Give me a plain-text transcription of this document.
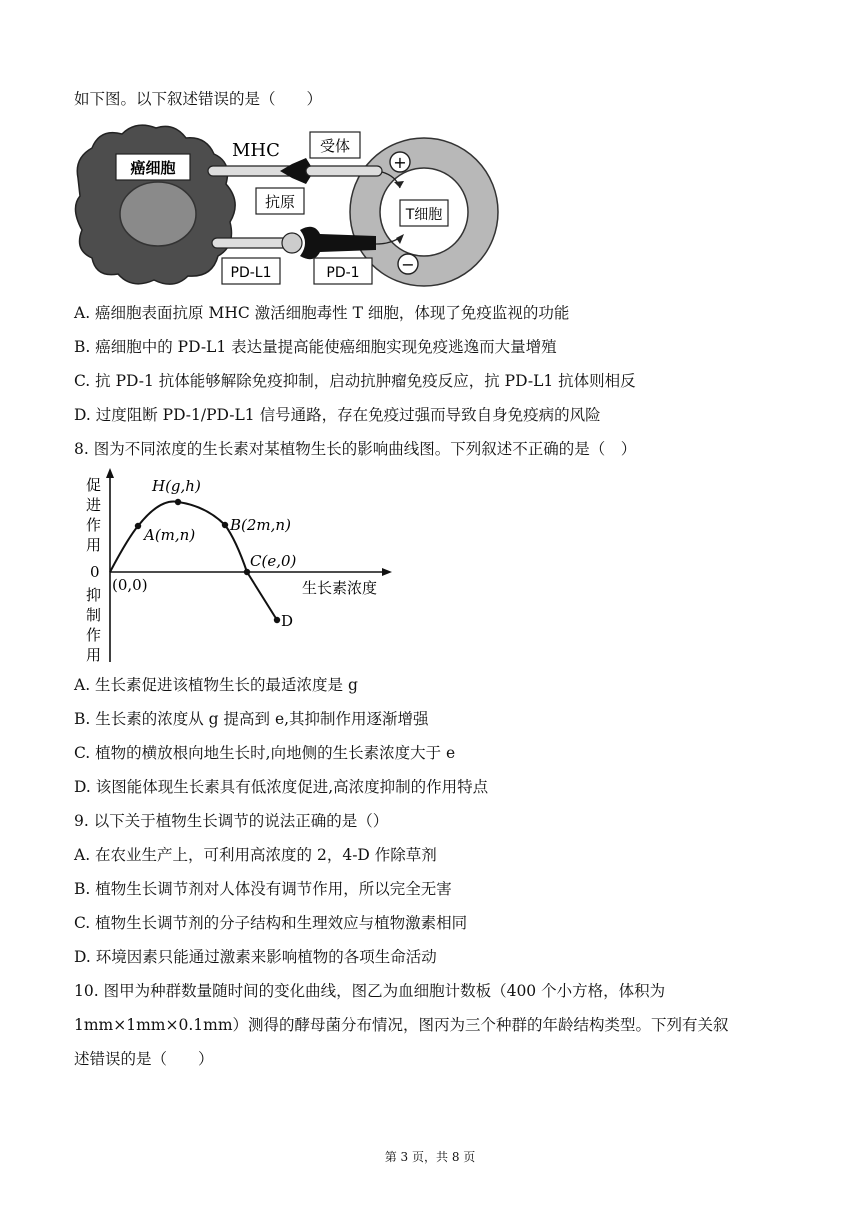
如下图。以下叙述错误的是（　　）
癌细胞
T细胞
MHC
抗原
受体
+
PD-L1	PD-1	−
A. 癌细胞表面抗原 MHC 激活细胞毒性 T 细胞，体现了免疫监视的功能
B. 癌细胞中的 PD-L1 表达量提高能使癌细胞实现免疫逃逸而大量增殖
C. 抗 PD-1 抗体能够解除免疫抑制，启动抗肿瘤免疫反应，抗 PD-L1 抗体则相反
D. 过度阻断 PD-1/PD-L1 信号通路，存在免疫过强而导致自身免疫病的风险
8. 图为不同浓度的生长素对某植物生长的影响曲线图。下列叙述不正确的是（　）
促
进
作
用
抑
制
作
用
0
(0,0)	生长素浓度
H(g,h)
A(m,n)
B(2m,n)
C(e,0)
D
A. 生长素促进该植物生长的最适浓度是 g
B. 生长素的浓度从 g 提高到 e,其抑制作用逐渐增强
C. 植物的横放根向地生长时,向地侧的生长素浓度大于 e
D. 该图能体现生长素具有低浓度促进,高浓度抑制的作用特点
9. 以下关于植物生长调节的说法正确的是（）
A. 在农业生产上，可利用高浓度的 2，4-D 作除草剂
B. 植物生长调节剂对人体没有调节作用，所以完全无害
C. 植物生长调节剂的分子结构和生理效应与植物激素相同
D. 环境因素只能通过激素来影响植物的各项生命活动
10. 图甲为种群数量随时间的变化曲线，图乙为血细胞计数板（400 个小方格，体积为
1mm×1mm×0.1mm）测得的酵母菌分布情况，图丙为三个种群的年龄结构类型。下列有关叙
述错误的是（　　）
第 3 页，共 8 页
